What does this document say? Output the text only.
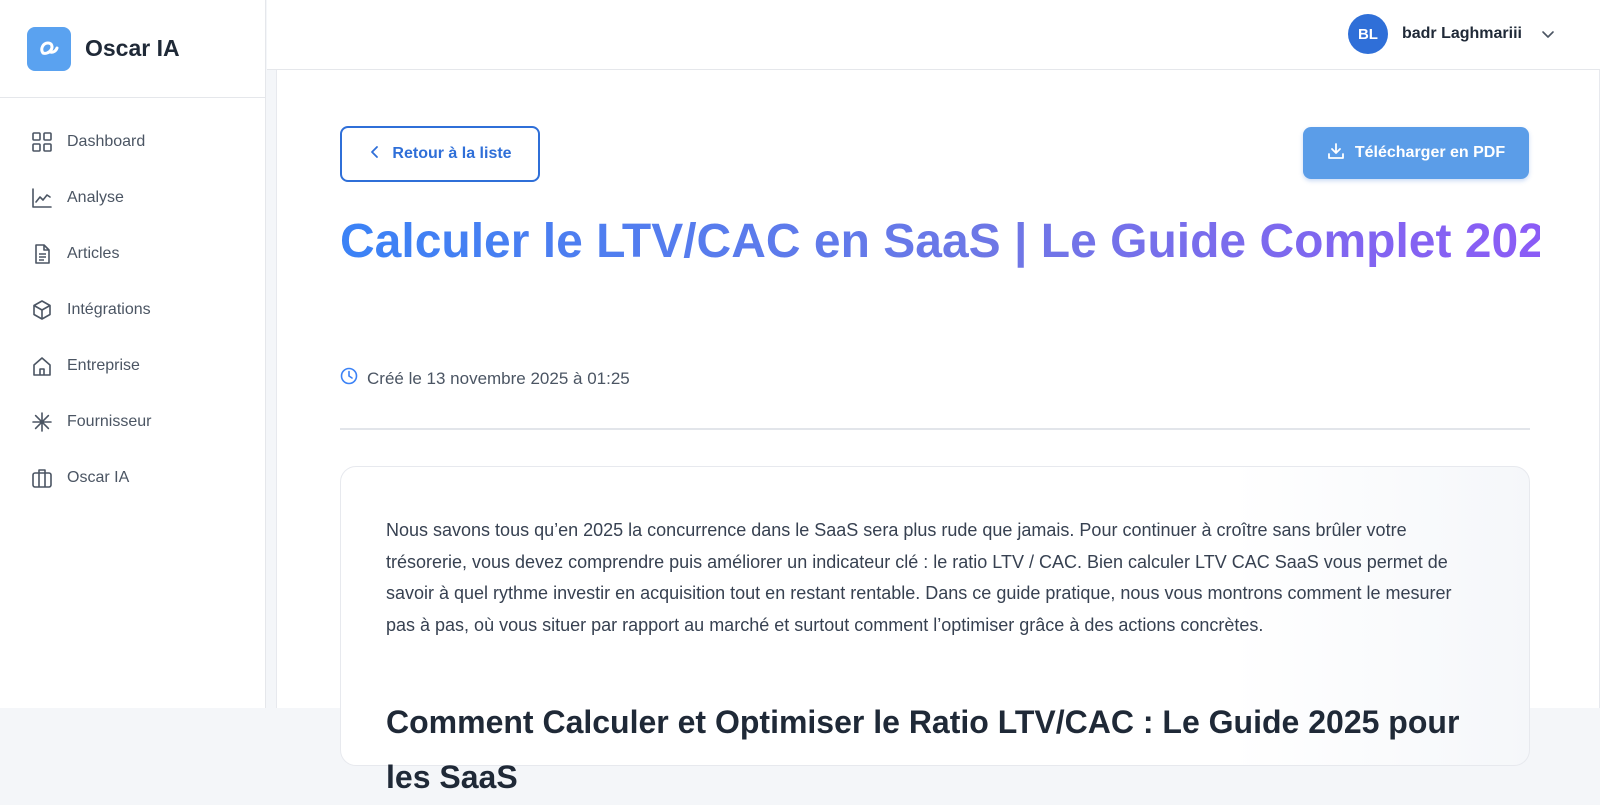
Oscar IA
Dashboard
Analyse
Articles
Intégrations
Entreprise
Fournisseur
Oscar IA
BL	badr Laghmariii
Retour à la liste	Télécharger en PDF
Calculer le LTV/CAC en SaaS | Le Guide Complet 2025
Créé le 13 novembre 2025 à 01:25

Nous savons tous qu’en 2025 la concurrence dans le SaaS sera plus rude que jamais. Pour continuer à croître sans brûler votre trésorerie, vous devez comprendre puis améliorer un indicateur clé : le ratio LTV / CAC. Bien calculer LTV CAC SaaS vous permet de savoir à quel rythme investir en acquisition tout en restant rentable. Dans ce guide pratique, nous vous montrons comment le mesurer pas à pas, où vous situer par rapport au marché et surtout comment l’optimiser grâce à des actions concrètes.

Comment Calculer et Optimiser le Ratio LTV/CAC : Le Guide 2025 pour les SaaS
